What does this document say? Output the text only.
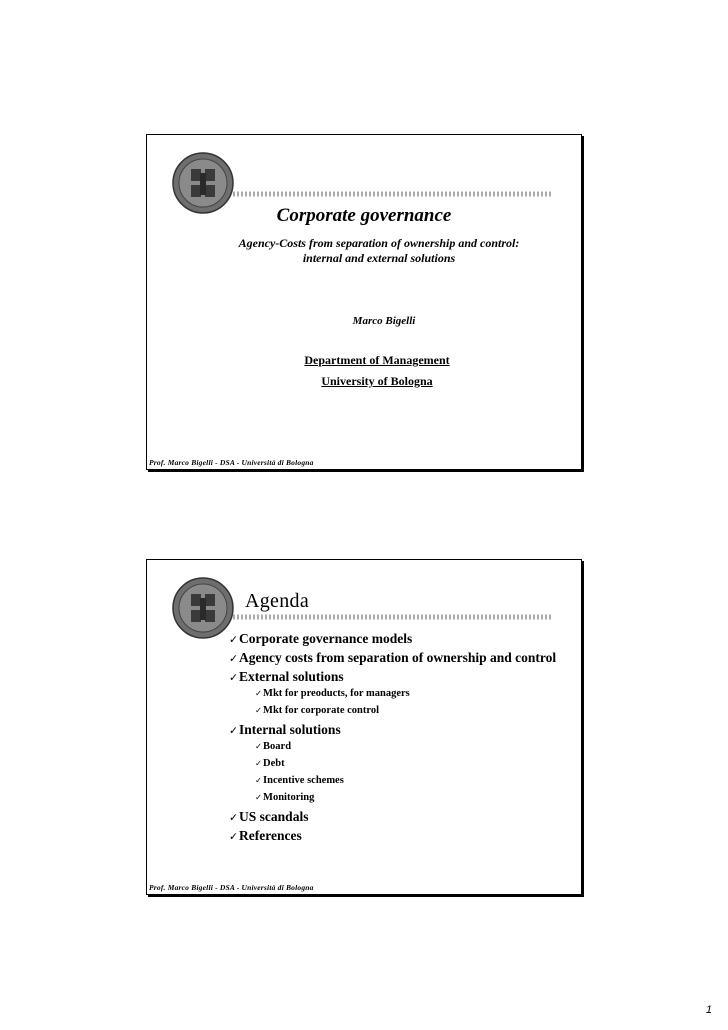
Corporate governance
Agency-Costs from separation of ownership and control:
internal and external solutions
Marco Bigelli
Department of Management
University of Bologna
Prof. Marco Bigelli - DSA - Università di Bologna
Agenda
✓Corporate governance models
✓Agency costs from separation of ownership and control
✓External solutions
✓Mkt for preoducts, for managers
✓Mkt for corporate control
✓Internal solutions
✓Board
✓Debt
✓Incentive schemes
✓Monitoring
✓US scandals
✓References
Prof. Marco Bigelli - DSA - Università di Bologna
1
